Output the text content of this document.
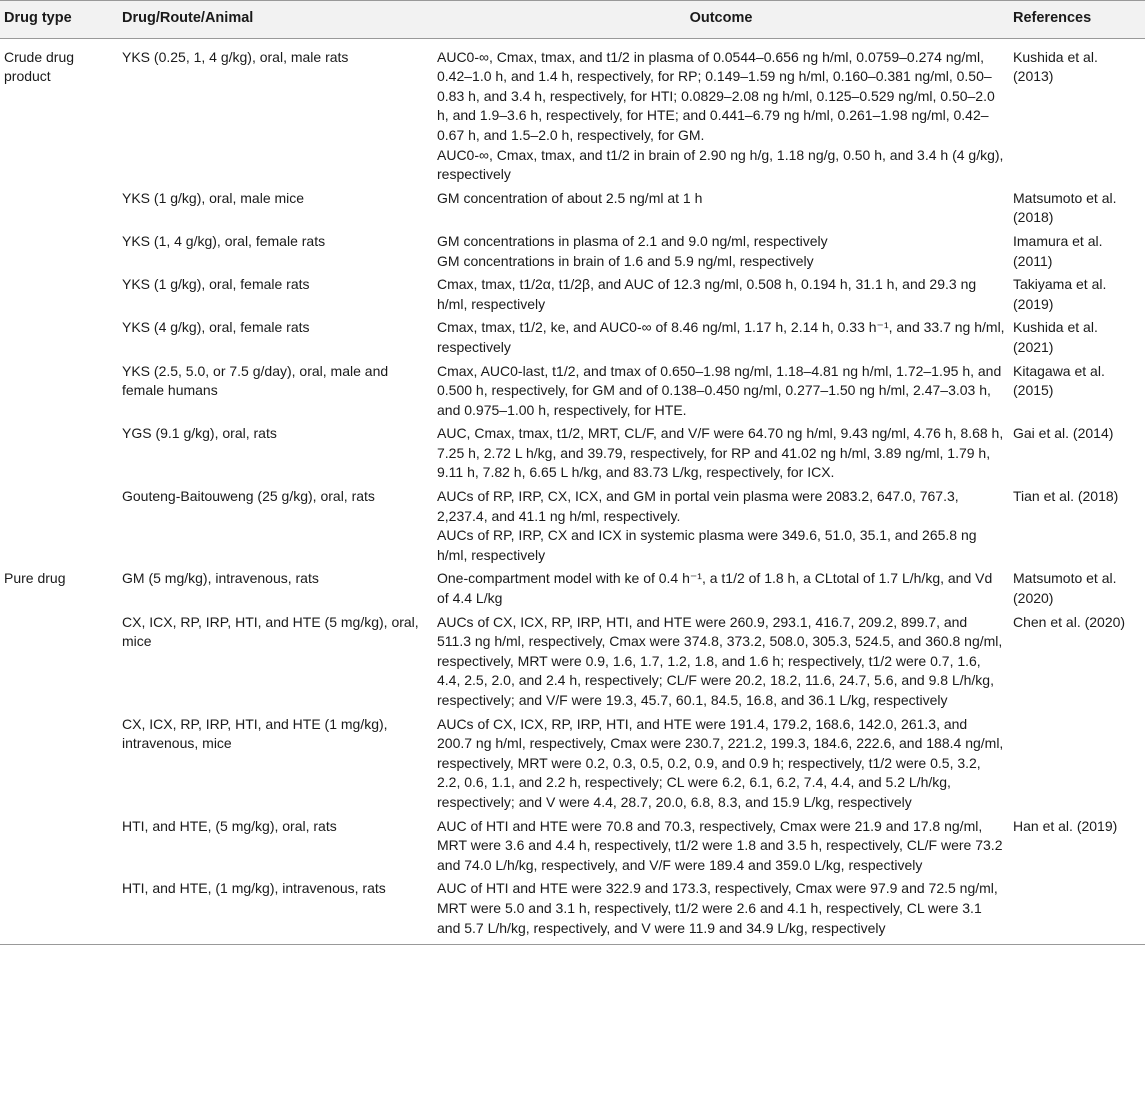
Drug type	Drug/Route/Animal	Outcome	References
Crude drug product	YKS (0.25, 1, 4 g/kg), oral, male rats	AUC0-∞, Cmax, tmax, and t1/2 in plasma of 0.0544–0.656 ng h/ml, 0.0759–0.274 ng/ml, 0.42–1.0 h, and 1.4 h, respectively, for RP; 0.149–1.59 ng h/ml, 0.160–0.381 ng/ml, 0.50–0.83 h, and 3.4 h, respectively, for HTI; 0.0829–2.08 ng h/ml, 0.125–0.529 ng/ml, 0.50–2.0 h, and 1.9–3.6 h, respectively, for HTE; and 0.441–6.79 ng h/ml, 0.261–1.98 ng/ml, 0.42–0.67 h, and 1.5–2.0 h, respectively, for GM.
AUC0-∞, Cmax, tmax, and t1/2 in brain of 2.90 ng h/g, 1.18 ng/g, 0.50 h, and 3.4 h (4 g/kg), respectively	Kushida et al. (2013)
	YKS (1 g/kg), oral, male mice	GM concentration of about 2.5 ng/ml at 1 h	Matsumoto et al. (2018)
	YKS (1, 4 g/kg), oral, female rats	GM concentrations in plasma of 2.1 and 9.0 ng/ml, respectively
GM concentrations in brain of 1.6 and 5.9 ng/ml, respectively	Imamura et al. (2011)
	YKS (1 g/kg), oral, female rats	Cmax, tmax, t1/2α, t1/2β, and AUC of 12.3 ng/ml, 0.508 h, 0.194 h, 31.1 h, and 29.3 ng h/ml, respectively	Takiyama et al. (2019)
	YKS (4 g/kg), oral, female rats	Cmax, tmax, t1/2, ke, and AUC0-∞ of 8.46 ng/ml, 1.17 h, 2.14 h, 0.33 h⁻¹, and 33.7 ng h/ml, respectively	Kushida et al. (2021)
	YKS (2.5, 5.0, or 7.5 g/day), oral, male and female humans	Cmax, AUC0-last, t1/2, and tmax of 0.650–1.98 ng/ml, 1.18–4.81 ng h/ml, 1.72–1.95 h, and 0.500 h, respectively, for GM and of 0.138–0.450 ng/ml, 0.277–1.50 ng h/ml, 2.47–3.03 h, and 0.975–1.00 h, respectively, for HTE.	Kitagawa et al. (2015)
	YGS (9.1 g/kg), oral, rats	AUC, Cmax, tmax, t1/2, MRT, CL/F, and V/F were 64.70 ng h/ml, 9.43 ng/ml, 4.76 h, 8.68 h, 7.25 h, 2.72 L h/kg, and 39.79, respectively, for RP and 41.02 ng h/ml, 3.89 ng/ml, 1.79 h, 9.11 h, 7.82 h, 6.65 L h/kg, and 83.73 L/kg, respectively, for ICX.	Gai et al. (2014)
	Gouteng-Baitouweng (25 g/kg), oral, rats	AUCs of RP, IRP, CX, ICX, and GM in portal vein plasma were 2083.2, 647.0, 767.3, 2,237.4, and 41.1 ng h/ml, respectively.
AUCs of RP, IRP, CX and ICX in systemic plasma were 349.6, 51.0, 35.1, and 265.8 ng h/ml, respectively	Tian et al. (2018)
Pure drug	GM (5 mg/kg), intravenous, rats	One-compartment model with ke of 0.4 h⁻¹, a t1/2 of 1.8 h, a CLtotal of 1.7 L/h/kg, and Vd of 4.4 L/kg	Matsumoto et al. (2020)
	CX, ICX, RP, IRP, HTI, and HTE (5 mg/kg), oral, mice	AUCs of CX, ICX, RP, IRP, HTI, and HTE were 260.9, 293.1, 416.7, 209.2, 899.7, and 511.3 ng h/ml, respectively, Cmax were 374.8, 373.2, 508.0, 305.3, 524.5, and 360.8 ng/ml, respectively, MRT were 0.9, 1.6, 1.7, 1.2, 1.8, and 1.6 h; respectively, t1/2 were 0.7, 1.6, 4.4, 2.5, 2.0, and 2.4 h, respectively; CL/F were 20.2, 18.2, 11.6, 24.7, 5.6, and 9.8 L/h/kg, respectively; and V/F were 19.3, 45.7, 60.1, 84.5, 16.8, and 36.1 L/kg, respectively	Chen et al. (2020)
	CX, ICX, RP, IRP, HTI, and HTE (1 mg/kg), intravenous, mice	AUCs of CX, ICX, RP, IRP, HTI, and HTE were 191.4, 179.2, 168.6, 142.0, 261.3, and 200.7 ng h/ml, respectively, Cmax were 230.7, 221.2, 199.3, 184.6, 222.6, and 188.4 ng/ml, respectively, MRT were 0.2, 0.3, 0.5, 0.2, 0.9, and 0.9 h; respectively, t1/2 were 0.5, 3.2, 2.2, 0.6, 1.1, and 2.2 h, respectively; CL were 6.2, 6.1, 6.2, 7.4, 4.4, and 5.2 L/h/kg, respectively; and V were 4.4, 28.7, 20.0, 6.8, 8.3, and 15.9 L/kg, respectively	

	HTI, and HTE, (5 mg/kg), oral, rats	AUC of HTI and HTE were 70.8 and 70.3, respectively, Cmax were 21.9 and 17.8 ng/ml, MRT were 3.6 and 4.4 h, respectively, t1/2 were 1.8 and 3.5 h, respectively, CL/F were 73.2 and 74.0 L/h/kg, respectively, and V/F were 189.4 and 359.0 L/kg, respectively	Han et al. (2019)
	HTI, and HTE, (1 mg/kg), intravenous, rats	AUC of HTI and HTE were 322.9 and 173.3, respectively, Cmax were 97.9 and 72.5 ng/ml, MRT were 5.0 and 3.1 h, respectively, t1/2 were 2.6 and 4.1 h, respectively, CL were 3.1 and 5.7 L/h/kg, respectively, and V were 11.9 and 34.9 L/kg, respectively	
